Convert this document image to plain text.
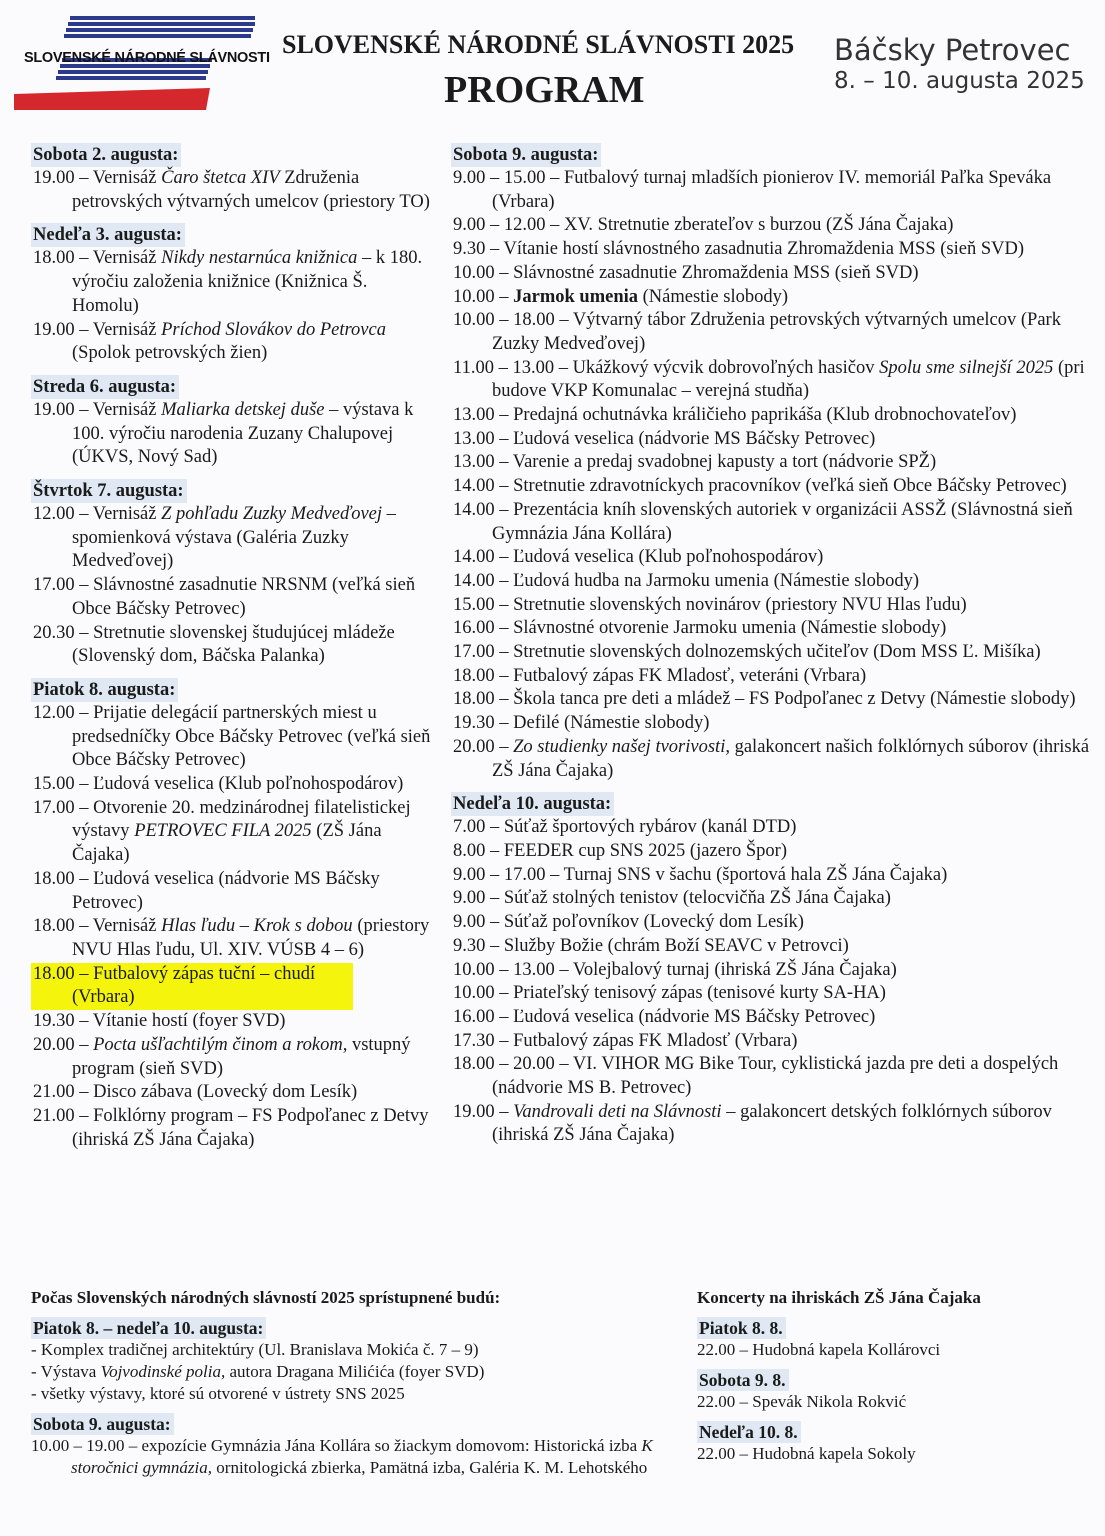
SLOVENSKÉ NÁRODNÉ SLÁVNOSTI SLOVENSKÉ NÁRODNÉ SLÁVNOSTI 2025
PROGRAM
Báčsky Petrovec
8. – 10. augusta 2025
Sobota 2. augusta:
19.00 – Vernisáž Čaro štetca XIV Združenia petrovských výtvarných umelcov (priestory TO)
Nedeľa 3. augusta:
18.00 – Vernisáž Nikdy nestarnúca knižnica – k 180. výročiu založenia knižnice (Knižnica Š. Homolu)
19.00 – Vernisáž Príchod Slovákov do Petrovca (Spolok petrovských žien)
Streda 6. augusta:
19.00 – Vernisáž Maliarka detskej duše – výstava k 100. výročiu narodenia Zuzany Chalupovej (ÚKVS, Nový Sad)
Štvrtok 7. augusta:
12.00 – Vernisáž Z pohľadu Zuzky Medveďovej – spomienková výstava (Galéria Zuzky Medveďovej)
17.00 – Slávnostné zasadnutie NRSNM (veľká sieň Obce Báčsky Petrovec)
20.30 – Stretnutie slovenskej študujúcej mládeže (Slovenský dom, Báčska Palanka)
Piatok 8. augusta:
12.00 – Prijatie delegácií partnerských miest u predsedníčky Obce Báčsky Petrovec (veľká sieň Obce Báčsky Petrovec)
15.00 – Ľudová veselica (Klub poľnohospodárov)
17.00 – Otvorenie 20. medzinárodnej filatelistickej výstavy PETROVEC FILA 2025 (ZŠ Jána Čajaka)
18.00 – Ľudová veselica (nádvorie MS Báčsky Petrovec)
18.00 – Vernisáž Hlas ľudu – Krok s dobou (priestory NVU Hlas ľudu, Ul. XIV. VÚSB 4 – 6)
18.00 – Futbalový zápas tuční – chudí (Vrbara)
19.30 – Vítanie hostí (foyer SVD)
20.00 – Pocta ušľachtilým činom a rokom, vstupný program (sieň SVD)
21.00 – Disco zábava (Lovecký dom Lesík)
21.00 – Folklórny program – FS Podpoľanec z Detvy (ihriská ZŠ Jána Čajaka)
Sobota 9. augusta:
9.00 – 15.00 – Futbalový turnaj mladších pionierov IV. memoriál Paľka Speváka (Vrbara)
9.00 – 12.00 – XV. Stretnutie zberateľov s burzou (ZŠ Jána Čajaka)
9.30 – Vítanie hostí slávnostného zasadnutia Zhromaždenia MSS (sieň SVD)
10.00 – Slávnostné zasadnutie Zhromaždenia MSS (sieň SVD)
10.00 – Jarmok umenia (Námestie slobody)
10.00 – 18.00 – Výtvarný tábor Združenia petrovských výtvarných umelcov (Park Zuzky Medveďovej)
11.00 – 13.00 – Ukážkový výcvik dobrovoľných hasičov Spolu sme silnejší 2025 (pri budove VKP Komunalac – verejná studňa)
13.00 – Predajná ochutnávka králičieho paprikáša (Klub drobnochovateľov)
13.00 – Ľudová veselica (nádvorie MS Báčsky Petrovec)
13.00 – Varenie a predaj svadobnej kapusty a tort (nádvorie SPŽ)
14.00 – Stretnutie zdravotníckych pracovníkov (veľká sieň Obce Báčsky Petrovec)
14.00 – Prezentácia kníh slovenských autoriek v organizácii ASSŽ (Slávnostná sieň Gymnázia Jána Kollára)
14.00 – Ľudová veselica (Klub poľnohospodárov)
14.00 – Ľudová hudba na Jarmoku umenia (Námestie slobody)
15.00 – Stretnutie slovenských novinárov (priestory NVU Hlas ľudu)
16.00 – Slávnostné otvorenie Jarmoku umenia (Námestie slobody)
17.00 – Stretnutie slovenských dolnozemských učiteľov (Dom MSS Ľ. Mišíka)
18.00 – Futbalový zápas FK Mladosť, veteráni (Vrbara)
18.00 – Škola tanca pre deti a mládež – FS Podpoľanec z Detvy (Námestie slobody)
19.30 – Defilé (Námestie slobody)
20.00 – Zo studienky našej tvorivosti, galakoncert našich folklórnych súborov (ihriská ZŠ Jána Čajaka)
Nedeľa 10. augusta:
7.00 – Súťaž športových rybárov (kanál DTD)
8.00 – FEEDER cup SNS 2025 (jazero Špor)
9.00 – 17.00 – Turnaj SNS v šachu (športová hala ZŠ Jána Čajaka)
9.00 – Súťaž stolných tenistov (telocvičňa ZŠ Jána Čajaka)
9.00 – Súťaž poľovníkov (Lovecký dom Lesík)
9.30 – Služby Božie (chrám Boží SEAVC v Petrovci)
10.00 – 13.00 – Volejbalový turnaj (ihriská ZŠ Jána Čajaka)
10.00 – Priateľský tenisový zápas (tenisové kurty SA-HA)
16.00 – Ľudová veselica (nádvorie MS Báčsky Petrovec)
17.30 – Futbalový zápas FK Mladosť (Vrbara)
18.00 – 20.00 – VI. VIHOR MG Bike Tour, cyklistická jazda pre deti a dospelých (nádvorie MS B. Petrovec)
19.00 – Vandrovali deti na Slávnosti – galakoncert detských folklórnych súborov (ihriská ZŠ Jána Čajaka)
Počas Slovenských národných slávností 2025 sprístupnené budú:
Piatok 8. – nedeľa 10. augusta:
- Komplex tradičnej architektúry (Ul. Branislava Mokića č. 7 – 9)
- Výstava Vojvodinské polia, autora Dragana Milićića (foyer SVD)
- všetky výstavy, ktoré sú otvorené v ústrety SNS 2025
Sobota 9. augusta:
10.00 – 19.00 – expozície Gymnázia Jána Kollára so žiackym domovom: Historická izba K storočnici gymnázia, ornitologická zbierka, Pamätná izba, Galéria K. M. Lehotského
Koncerty na ihriskách ZŠ Jána Čajaka
Piatok 8. 8.
22.00 – Hudobná kapela Kollárovci
Sobota 9. 8.
22.00 – Spevák Nikola Rokvić
Nedeľa 10. 8.
22.00 – Hudobná kapela Sokoly
